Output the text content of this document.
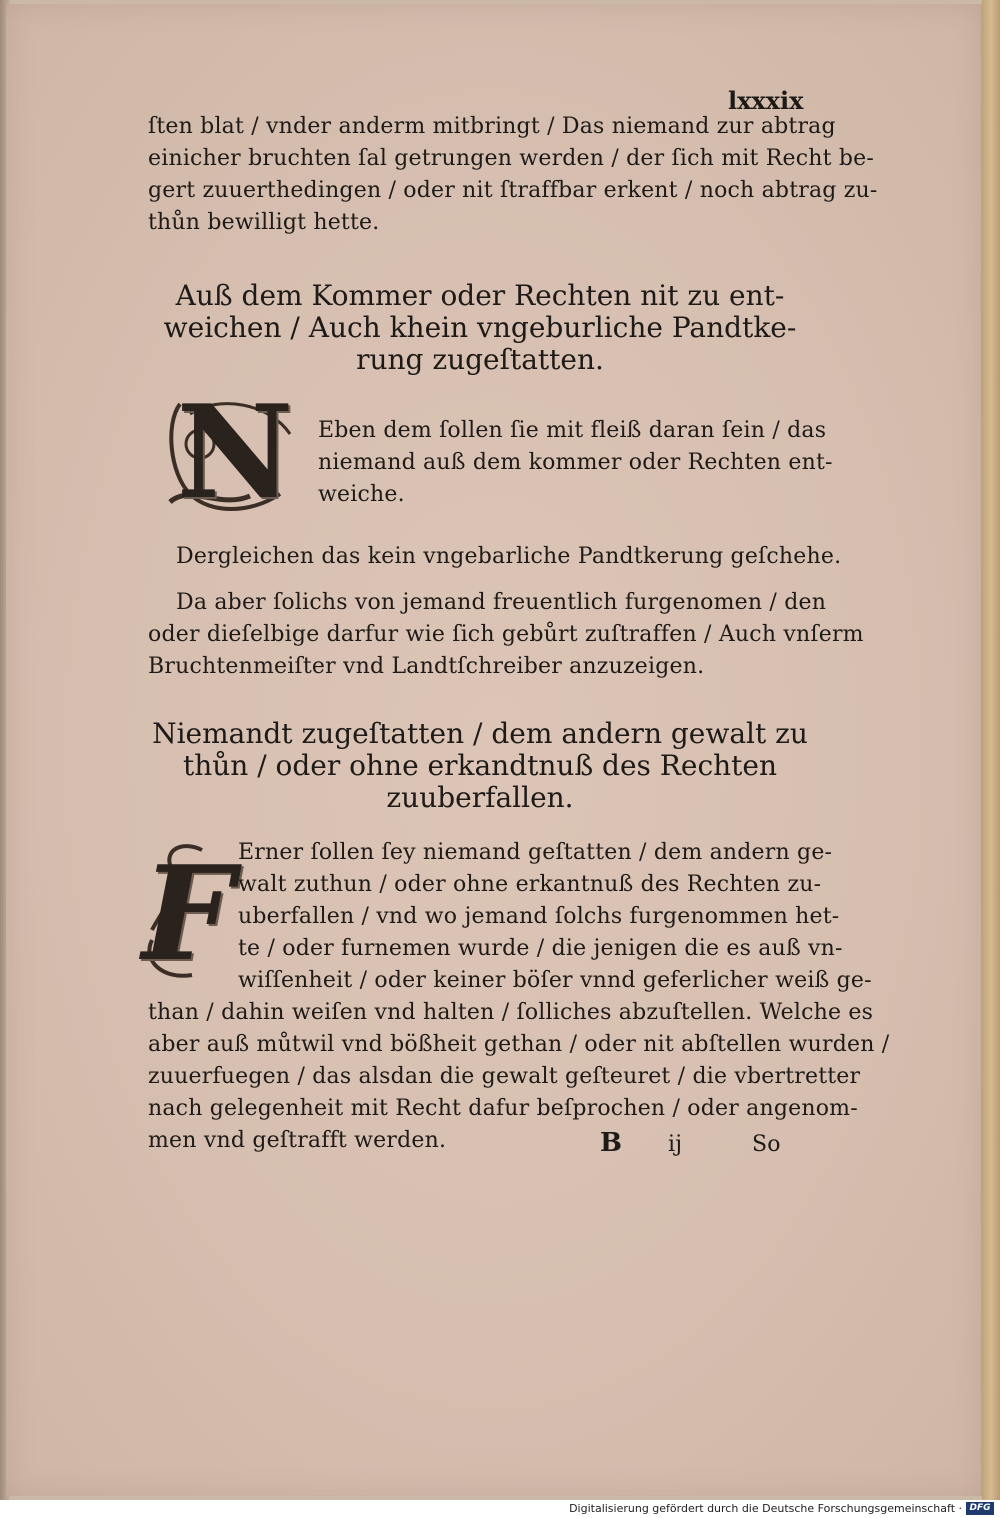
lxxxix
ſten blat / vnder anderm mitbringt / Das niemand zur abtrag
einicher bruchten ſal getrungen werden / der ſich mit Recht be-
gert zuuerthedingen / oder nit ſtraffbar erkent / noch abtrag zu-
thůn bewilligt hette.
Auß dem Kommer oder Rechten nit zu ent-
weichen / Auch khein vngeburliche Pandtke-
rung zugeſtatten.
N	Eben dem ſollen ſie mit fleiß daran ſein / das
niemand auß dem kommer oder Rechten ent-
weiche.
Dergleichen das kein vngebarliche Pandtkerung geſchehe.
Da aber ſolichs von jemand freuentlich furgenomen / den
oder dieſelbige darfur wie ſich gebůrt zuſtraffen / Auch vnſerm
Bruchtenmeiſter vnd Landtſchreiber anzuzeigen.
Niemandt zugeſtatten / dem andern gewalt zu
thůn / oder ohne erkandtnuß des Rechten
zuuberfallen.
F Erner ſollen ſey niemand geſtatten / dem andern ge-
walt zuthun / oder ohne erkantnuß des Rechten zu-
uberfallen / vnd wo jemand ſolchs furgenommen het-
te / oder furnemen wurde / die jenigen die es auß vn-
wiſſenheit / oder keiner böſer vnnd geferlicher weiß ge-
than / dahin weiſen vnd halten / ſolliches abzuſtellen. Welche es
aber auß můtwil vnd bößheit gethan / oder nit abſtellen wurden /
zuuerfuegen / das alsdan die gewalt geſteuret / die vbertretter
nach gelegenheit mit Recht dafur beſprochen / oder angenom-
men vnd geſtrafft werden.	B ij	So
Digitalisierung gefördert durch die Deutsche Forschungsgemeinschaft · DFG
